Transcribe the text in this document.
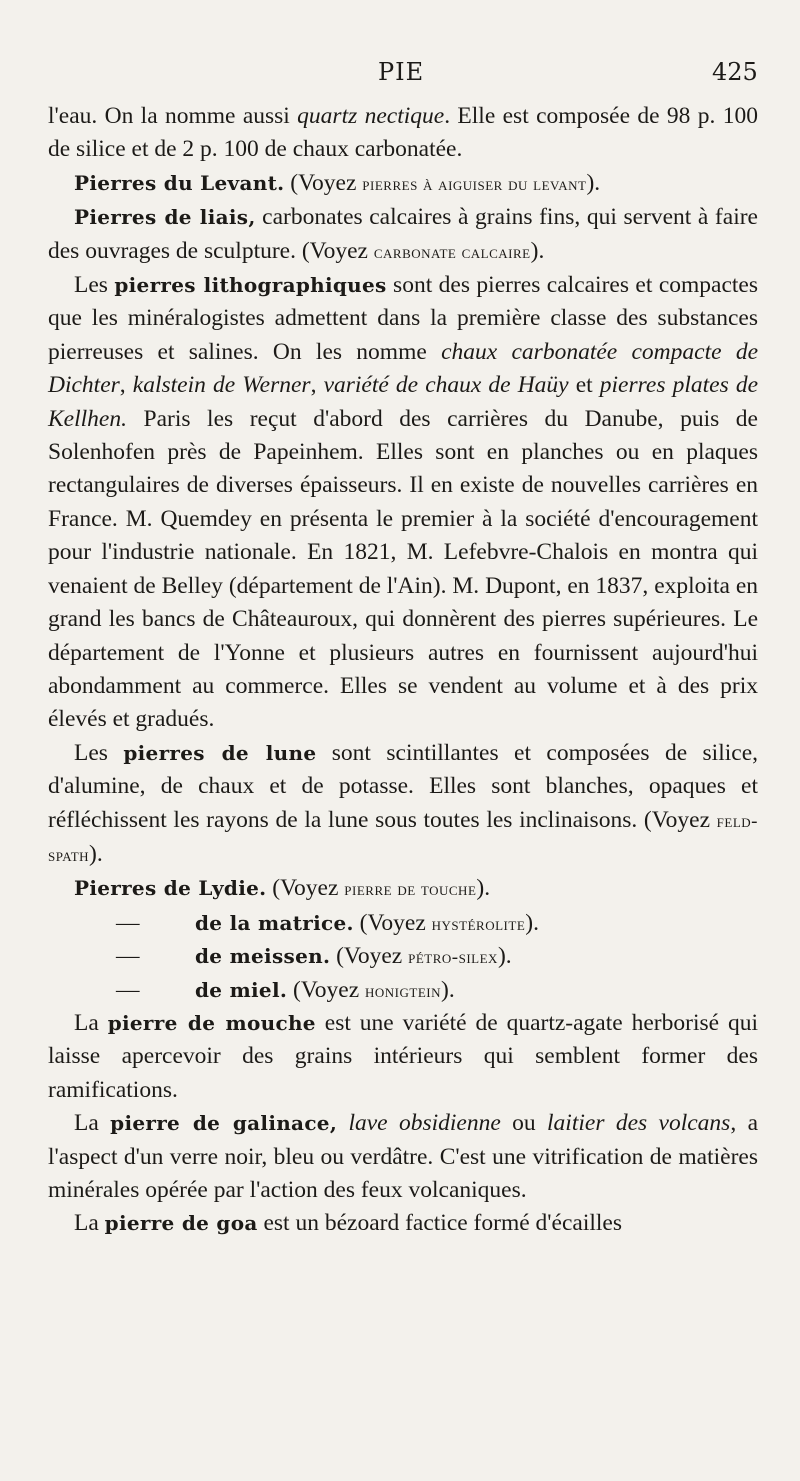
PIE	425

l'eau. On la nomme aussi quartz nectique. Elle est composée de 98 p. 100 de silice et de 2 p. 100 de chaux carbonatée.

Pierres du Levant. (Voyez pierres à aiguiser du levant).

Pierres de liais, carbonates calcaires à grains fins, qui servent à faire des ouvrages de sculpture. (Voyez carbonate calcaire).

Les pierres lithographiques sont des pierres calcaires et compactes que les minéralogistes admettent dans la première classe des substances pierreuses et salines. On les nomme chaux carbonatée compacte de Dichter, kalstein de Werner, variété de chaux de Haüy et pierres plates de Kellhen. Paris les reçut d'abord des carrières du Danube, puis de Solenhofen près de Papeinhem. Elles sont en planches ou en plaques rectangulaires de diverses épaisseurs. Il en existe de nouvelles carrières en France. M. Quemdey en présenta le premier à la société d'encouragement pour l'industrie nationale. En 1821, M. Lefebvre-Chalois en montra qui venaient de Belley (département de l'Ain). M. Dupont, en 1837, exploita en grand les bancs de Châteauroux, qui donnèrent des pierres supérieures. Le département de l'Yonne et plusieurs autres en fournissent aujourd'hui abondamment au commerce. Elles se vendent au volume et à des prix élevés et gradués.

Les pierres de lune sont scintillantes et composées de silice, d'alumine, de chaux et de potasse. Elles sont blanches, opaques et réfléchissent les rayons de la lune sous toutes les inclinaisons. (Voyez feld-spath).

Pierres de Lydie. (Voyez pierre de touche).

—	de la matrice. (Voyez hystérolite).
—	de meissen. (Voyez pétro-silex).
—	de miel. (Voyez honigtein).

La pierre de mouche est une variété de quartz-agate herborisé qui laisse apercevoir des grains intérieurs qui semblent former des ramifications.

La pierre de galinace, lave obsidienne ou laitier des volcans, a l'aspect d'un verre noir, bleu ou verdâtre. C'est une vitrification de matières minérales opérée par l'action des feux volcaniques.

La pierre de goa est un bézoard factice formé d'écailles
